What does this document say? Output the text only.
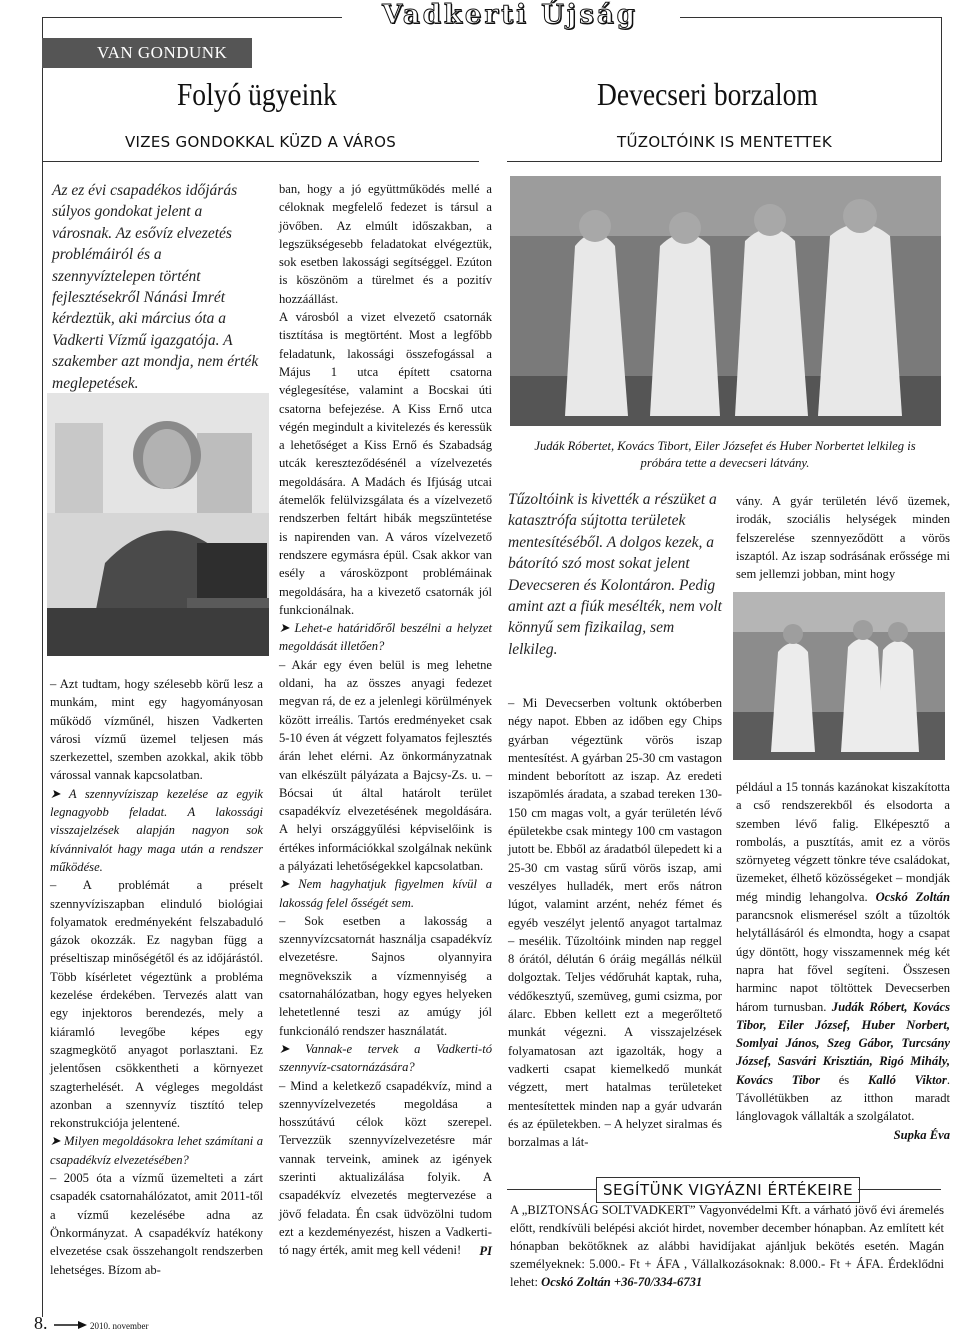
Vadkerti Újság
VAN GONDUNK
Folyó ügyeink
VIZES GONDOKKAL KÜZD A VÁROS
Devecseri borzalom
TŰZOLTÓINK IS MENTETTEK
Az ez évi csapadékos időjárás súlyos gondokat jelent a városnak. Az esővíz elvezetés problémáiról és a szennyvíztelepen történt fejlesztésekről Nánási Imrét kérdeztük, aki március óta a Vadkerti Vízmű igazgatója. A szakember azt mondja, nem érték meglepetések.

– Azt tudtam, hogy szélesebb körű lesz a munkám, mint egy hagyományosan működő vízműnél, hiszen Vadkerten városi vízmű üzemel teljesen más szerkezettel, szemben azokkal, akik több várossal vannak kapcsolatban.

➤ A szennyvíziszap kezelése az egyik legnagyobb feladat. A lakossági visszajelzések alapján nagyon sok kívánnivalót hagy maga után a rendszer működése.

– A problémát a préselt szennyvíziszapban elinduló biológiai folyamatok eredményeként felszabaduló gázok okozzák. Ez nagyban függ a préseltiszap minőségétől és az időjárástól. Több kísérletet végeztünk a probléma kezelése érdekében. Tervezés alatt van egy injektoros berendezés, mely a kiáramló levegőbe képes egy szagmegkötő anyagot porlasztani. Ez jelentősen csökkentheti a környezet szagterhelését. A végleges megoldást azonban a szennyvíz tisztító telep rekonstrukciója jelentené.

➤ Milyen megoldásokra lehet számítani a csapadékvíz elvezetésében?

– 2005 óta a vízmű üzemelteti a zárt csapadék csatornahálózatot, amit 2011-től a vízmű kezelésébe adna az Önkormányzat. A csapadékvíz hatékony elvezetése csak összehangolt rendszerben lehetséges. Bízom ab-

ban, hogy a jó együttműködés mellé a céloknak megfelelő fedezet is társul a jövőben. Az elmúlt időszakban, a legszükségesebb feladatokat elvégeztük, sok esetben lakossági segítséggel. Ezúton is köszönöm a türelmet és a pozitív hozzáállást.

A városból a vizet elvezető csatornák tisztítása is megtörtént. Most a legfőbb feladatunk, lakossági összefogással a Május 1 utca épített csatorna véglegesítése, valamint a Bocskai úti csatorna befejezése. A Kiss Ernő utca végén megindult a kivitelezés és keressük a lehetőséget a Kiss Ernő és Szabadság utcák kereszteződésénél a vízelvezetés megoldására. A Madách és Ifjúság utcai átemelők felülvizsgálata és a vízelvezető rendszerben feltárt hibák megszüntetése is napirenden van. A város vízelvezető rendszere egymásra épül. Csak akkor van esély a városközpont problémáinak megoldására, ha a kivezető csatornák jól funkcionálnak.

➤ Lehet-e határidőről beszélni a helyzet megoldását illetően?

– Akár egy éven belül is meg lehetne oldani, ha az összes anyagi fedezet megvan rá, de ez a jelenlegi körülmények között irreális. Tartós eredményeket csak 5-10 éven át végzett folyamatos fejlesztés árán lehet elérni. Az önkormányzatnak van elkészült pályázata a Bajcsy-Zs. u. – Bócsai út által határolt terület csapadékvíz elvezetésének megoldására. A helyi országgyűlési képviselőink is értékes információkkal szolgálnak nekünk a pályázati lehetőségekkel kapcsolatban.

➤ Nem hagyhatjuk figyelmen kívül a lakosság felel ősségét sem.

– Sok esetben a lakosság a szennyvízcsatornát használja csapadékvíz elvezetésre. Sajnos olyannyira megnövekszik a vízmennyiség a csatornahálózatban, hogy egyes helyeken lehetetlenné teszi az amúgy jól funkcionáló rendszer használatát.

➤ Vannak-e tervek a Vadkerti-tó szennyvíz-csatornázására?

– Mind a keletkező csapadékvíz, mind a szennyvízelvezetés megoldása a hosszútávú célok közt szerepel. Tervezzük szennyvízelvezetésre már vannak terveink, aminek az igények szerinti aktualizálása folyik. A csapadékvíz elvezetés megtervezése a jövő feladata. Én csak üdvözölni tudom ezt a kezdeményezést, hiszen a Vadkerti-tó nagy érték, amit meg kell védeni!	PI
Judák Róbertet, Kovács Tibort, Eiler Józsefet és Huber Norbertet lelkileg is próbára tette a devecseri látvány.
Tűzoltóink is kivették a részüket a katasztrófa sújtotta területek mentesítéséből. A dolgos kezek, a bátorító szó most sokat jelent Devecseren és Kolontáron. Pedig amint azt a fiúk mesélték, nem volt könnyű sem fizikailag, sem lelkileg.
– Mi Devecserben voltunk októberben négy napot. Ebben az időben egy Chips gyárban végeztünk vörös iszap mentesítést. A gyárban 25-30 cm vastagon mindent beborított az iszap. Az eredeti iszapömlés áradata, a szabad tereken 130-150 cm magas volt, a gyár területén lévő épületekbe csak mintegy 100 cm vastagon jutott be. Ebből az áradatból ülepedett ki a 25-30 cm vastag sűrű vörös iszap, ami veszélyes hulladék, mert erős nátron lúgot, valamint arzént, nehéz fémet és egyéb veszélyt jelentő anyagot tartalmaz – mesélik. Tűzoltóink minden nap reggel 8 órától, délután 6 óráig megállás nélkül dolgoztak. Teljes védőruhát kaptak, ruha, védőkesztyű, szemüveg, gumi csizma, por álarc. Ebben kellett ezt a megerőltető munkát végezni. A visszajelzések folyamatosan azt igazolták, hogy a vadkerti csapat kiemelkedő munkát végzett, mert hatalmas területeket mentesítettek minden nap a gyár udvarán és az épületekben. – A helyzet siralmas és borzalmas a lát-
vány. A gyár területén lévő üzemek, irodák, szociális helységek minden felszerelése szennyeződött a vörös iszaptól. Az iszap sodrásának erőssége mi sem jellemzi jobban, mint hogy
például a 15 tonnás kazánokat kiszakította a cső rendszerekből és elsodorta a szemben lévő falig. Elképesztő a rombolás, a pusztítás, amit ez a vörös szörnyeteg végzett tönkre téve családokat, üzemeket, élhető közösségeket – mondják még mindig lehangolva. Ocskó Zoltán parancsnok elismerésel szólt a tűzoltók helytállásáról és elmondta, hogy a csapat úgy döntött, hogy visszamennek még két napra hat fővel segíteni. Összesen harminc napot töltöttek Devecserben három turnusban. Judák Róbert, Kovács Tibor, Eiler József, Huber Norbert, Somlyai János, Szeg Gábor, Turcsány József, Sasvári Krisztián, Rigó Mihály, Kovács Tibor és Kalló Viktor. Távollétükben az itthon maradt lánglovagok vállalták a szolgálatot.
Supka Éva
SEGÍTÜNK VIGYÁZNI ÉRTÉKEIRE
A „BIZTONSÁG SOLTVADKERT” Vagyonvédelmi Kft. a várható jövő évi áremelés előtt, rendkívüli belépési akciót hirdet, november december hónapban. Az említett két hónapban bekötőknek az alábbi havidíjakat ajánljuk bekötés esetén. Magán személyeknek: 5.000.- Ft + ÁFA , Vállalkozásoknak: 8.000.- Ft + ÁFA. Érdeklődni lehet: Ocskó Zoltán +36-70/334-6731
8.	2010. november
